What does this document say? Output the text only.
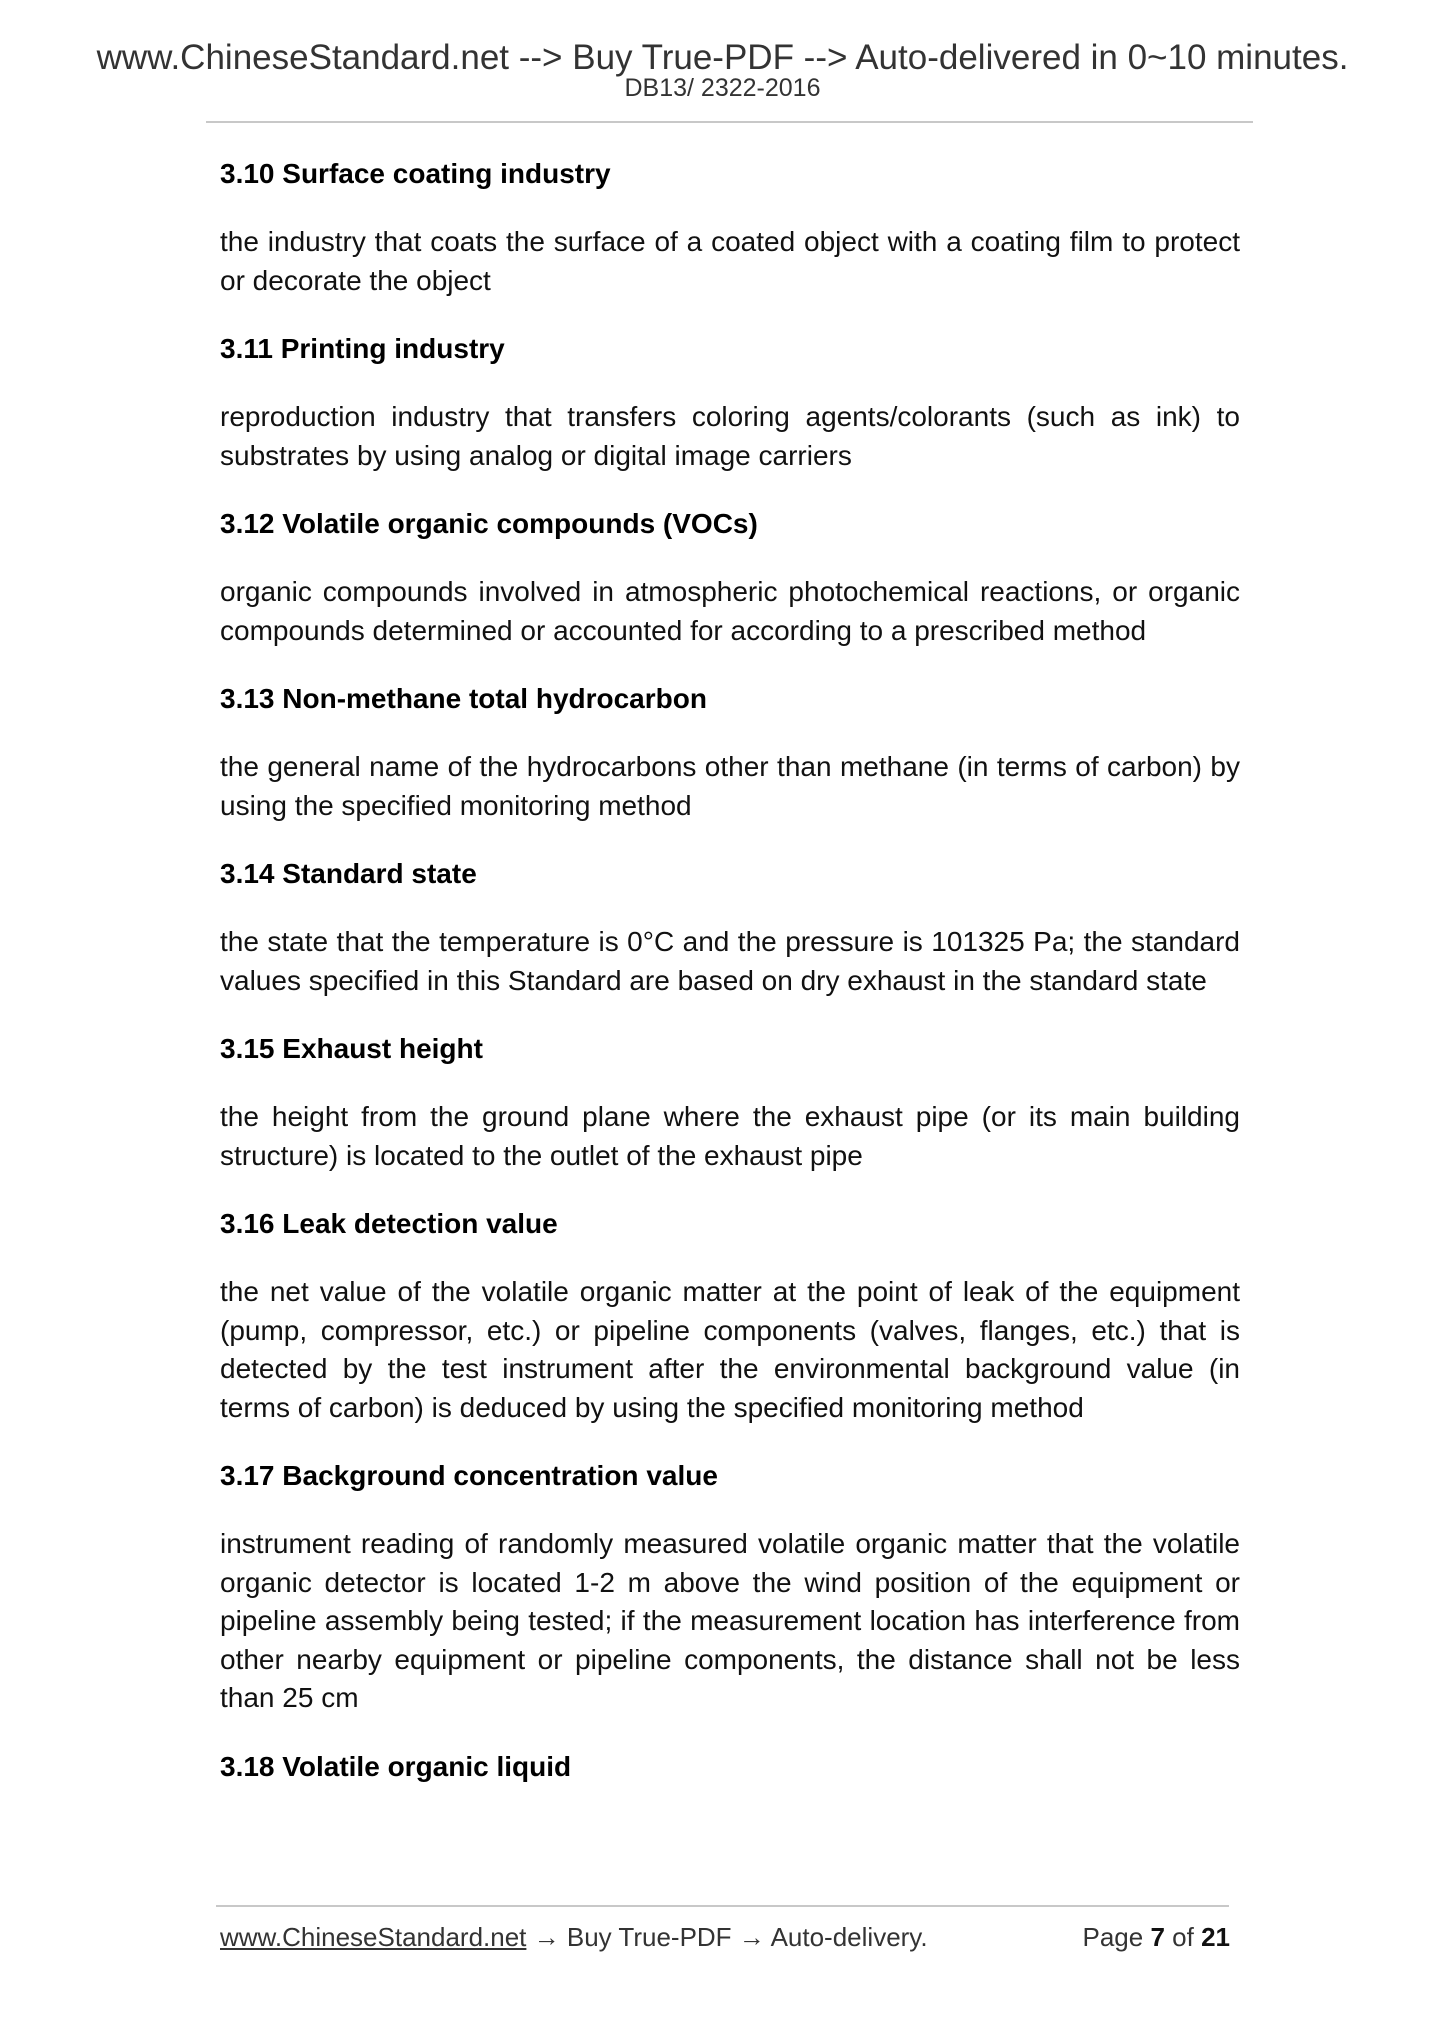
www.ChineseStandard.net --> Buy True-PDF --> Auto-delivered in 0~10 minutes.
DB13/ 2322-2016
3.10 Surface coating industry
the industry that coats the surface of a coated object with a coating film to protect or decorate the object
3.11 Printing industry
reproduction industry that transfers coloring agents/colorants (such as ink) to substrates by using analog or digital image carriers
3.12 Volatile organic compounds (VOCs)
organic compounds involved in atmospheric photochemical reactions, or organic compounds determined or accounted for according to a prescribed method
3.13 Non-methane total hydrocarbon
the general name of the hydrocarbons other than methane (in terms of carbon) by using the specified monitoring method
3.14 Standard state
the state that the temperature is 0°C and the pressure is 101325 Pa; the standard values specified in this Standard are based on dry exhaust in the standard state
3.15 Exhaust height
the height from the ground plane where the exhaust pipe (or its main building structure) is located to the outlet of the exhaust pipe
3.16 Leak detection value
the net value of the volatile organic matter at the point of leak of the equipment (pump, compressor, etc.) or pipeline components (valves, flanges, etc.) that is detected by the test instrument after the environmental background value (in terms of carbon) is deduced by using the specified monitoring method
3.17 Background concentration value
instrument reading of randomly measured volatile organic matter that the volatile organic detector is located 1-2 m above the wind position of the equipment or pipeline assembly being tested; if the measurement location has interference from other nearby equipment or pipeline components, the distance shall not be less than 25 cm
3.18 Volatile organic liquid
www.ChineseStandard.net → Buy True-PDF → Auto-delivery.	Page 7 of 21
